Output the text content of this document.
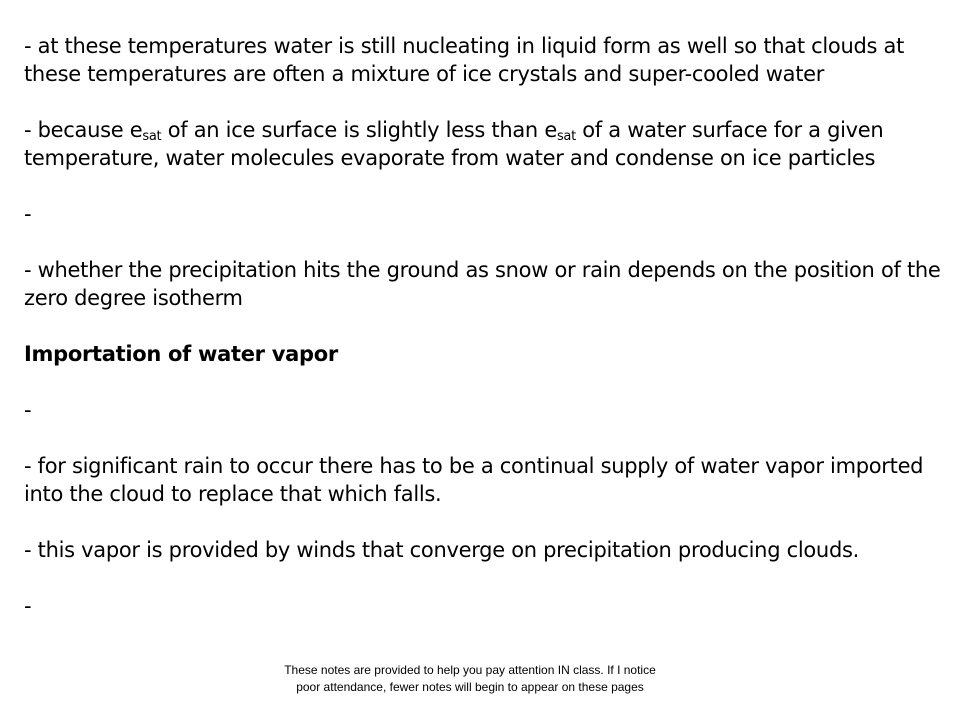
- at these temperatures water is still nucleating in liquid form as well so that clouds at these temperatures are often a mixture of ice crystals and super-cooled water

- because $e_{sat}$ of an ice surface is slightly less than $e_{sat}$ of a water surface for a given temperature, water molecules evaporate from water and condense on ice particles

-

- whether the precipitation hits the ground as snow or rain depends on the position of the zero degree isotherm

Importation of water vapor

-

- for significant rain to occur there has to be a continual supply of water vapor imported into the cloud to replace that which falls.

- this vapor is provided by winds that converge on precipitation producing clouds.

-

These notes are provided to help you pay attention IN class. If I notice
poor attendance, fewer notes will begin to appear on these pages
